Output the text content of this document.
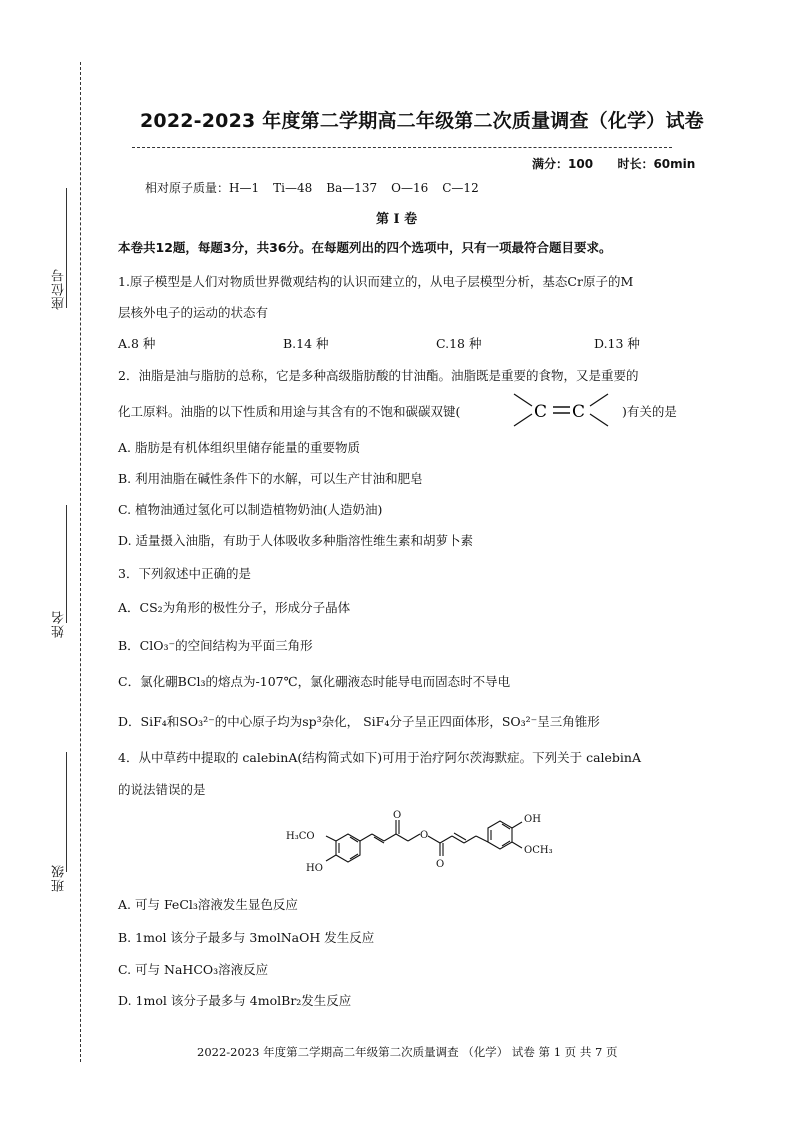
座位号
姓名
班级
2022-2023 年度第二学期高二年级第二次质量调查（化学）试卷
满分：100 时长：60min
相对原子质量：H—1 Ti—48 Ba—137 O—16 C—12
第 I 卷
本卷共12题，每题3分，共36分。在每题列出的四个选项中，只有一项最符合题目要求。
1.原子模型是人们对物质世界微观结构的认识而建立的，从电子层模型分析，基态Cr原子的M
层核外电子的运动的状态有
A.8 种	B.14 种	C.18 种	D.13 种
2．油脂是油与脂肪的总称，它是多种高级脂肪酸的甘油酯。油脂既是重要的食物，又是重要的
化工原料。油脂的以下性质和用途与其含有的不饱和碳碳双键(	C C	)有关的是
A. 脂肪是有机体组织里储存能量的重要物质
B. 利用油脂在碱性条件下的水解，可以生产甘油和肥皂
C. 植物油通过氢化可以制造植物奶油(人造奶油)
D. 适量摄入油脂，有助于人体吸收多种脂溶性维生素和胡萝卜素
3．下列叙述中正确的是
A．CS₂为角形的极性分子，形成分子晶体
B．ClO₃⁻的空间结构为平面三角形
C．氯化硼BCl₃的熔点为-107℃，氯化硼液态时能导电而固态时不导电
D．SiF₄和SO₃²⁻的中心原子均为sp³杂化， SiF₄分子呈正四面体形，SO₃²⁻呈三角锥形
4．从中草药中提取的 calebinA(结构简式如下)可用于治疗阿尔茨海默症。下列关于 calebinA
的说法错误的是
H₃CO
HO
O
O
O
OH
OCH₃
A. 可与 FeCl₃溶液发生显色反应
B. 1mol 该分子最多与 3molNaOH 发生反应
C. 可与 NaHCO₃溶液反应
D. 1mol 该分子最多与 4molBr₂发生反应
2022-2023 年度第二学期高二年级第二次质量调查 （化学） 试卷 第 1 页 共 7 页
